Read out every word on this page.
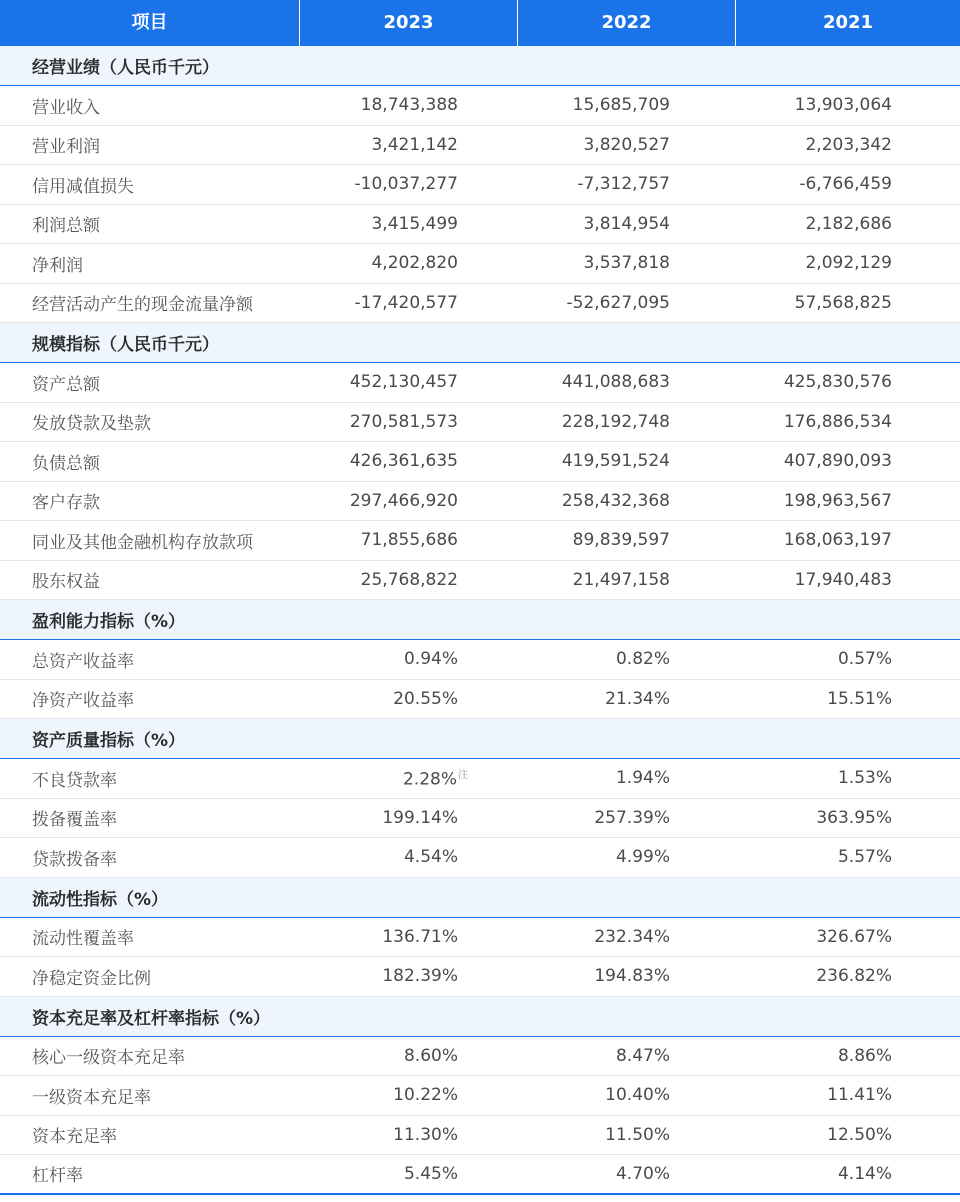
项目	2023	2022	2021
经营业绩（人民币千元）
营业收入	18,743,388	15,685,709	13,903,064
营业利润	3,421,142	3,820,527	2,203,342
信用减值损失	-10,037,277	-7,312,757	-6,766,459
利润总额	3,415,499	3,814,954	2,182,686
净利润	4,202,820	3,537,818	2,092,129
经营活动产生的现金流量净额	-17,420,577	-52,627,095	57,568,825
规模指标（人民币千元）
资产总额	452,130,457	441,088,683	425,830,576
发放贷款及垫款	270,581,573	228,192,748	176,886,534
负债总额	426,361,635	419,591,524	407,890,093
客户存款	297,466,920	258,432,368	198,963,567
同业及其他金融机构存放款项	71,855,686	89,839,597	168,063,197
股东权益	25,768,822	21,497,158	17,940,483
盈利能力指标（%）
总资产收益率	0.94%	0.82%	0.57%
净资产收益率	20.55%	21.34%	15.51%
资产质量指标（%）
不良贷款率	2.28%$^注$	1.94%	1.53%
拨备覆盖率	199.14%	257.39%	363.95%
贷款拨备率	4.54%	4.99%	5.57%
流动性指标（%）
流动性覆盖率	136.71%	232.34%	326.67%
净稳定资金比例	182.39%	194.83%	236.82%
资本充足率及杠杆率指标（%）
核心一级资本充足率	8.60%	8.47%	8.86%
一级资本充足率	10.22%	10.40%	11.41%
资本充足率	11.30%	11.50%	12.50%
杠杆率	5.45%	4.70%	4.14%
